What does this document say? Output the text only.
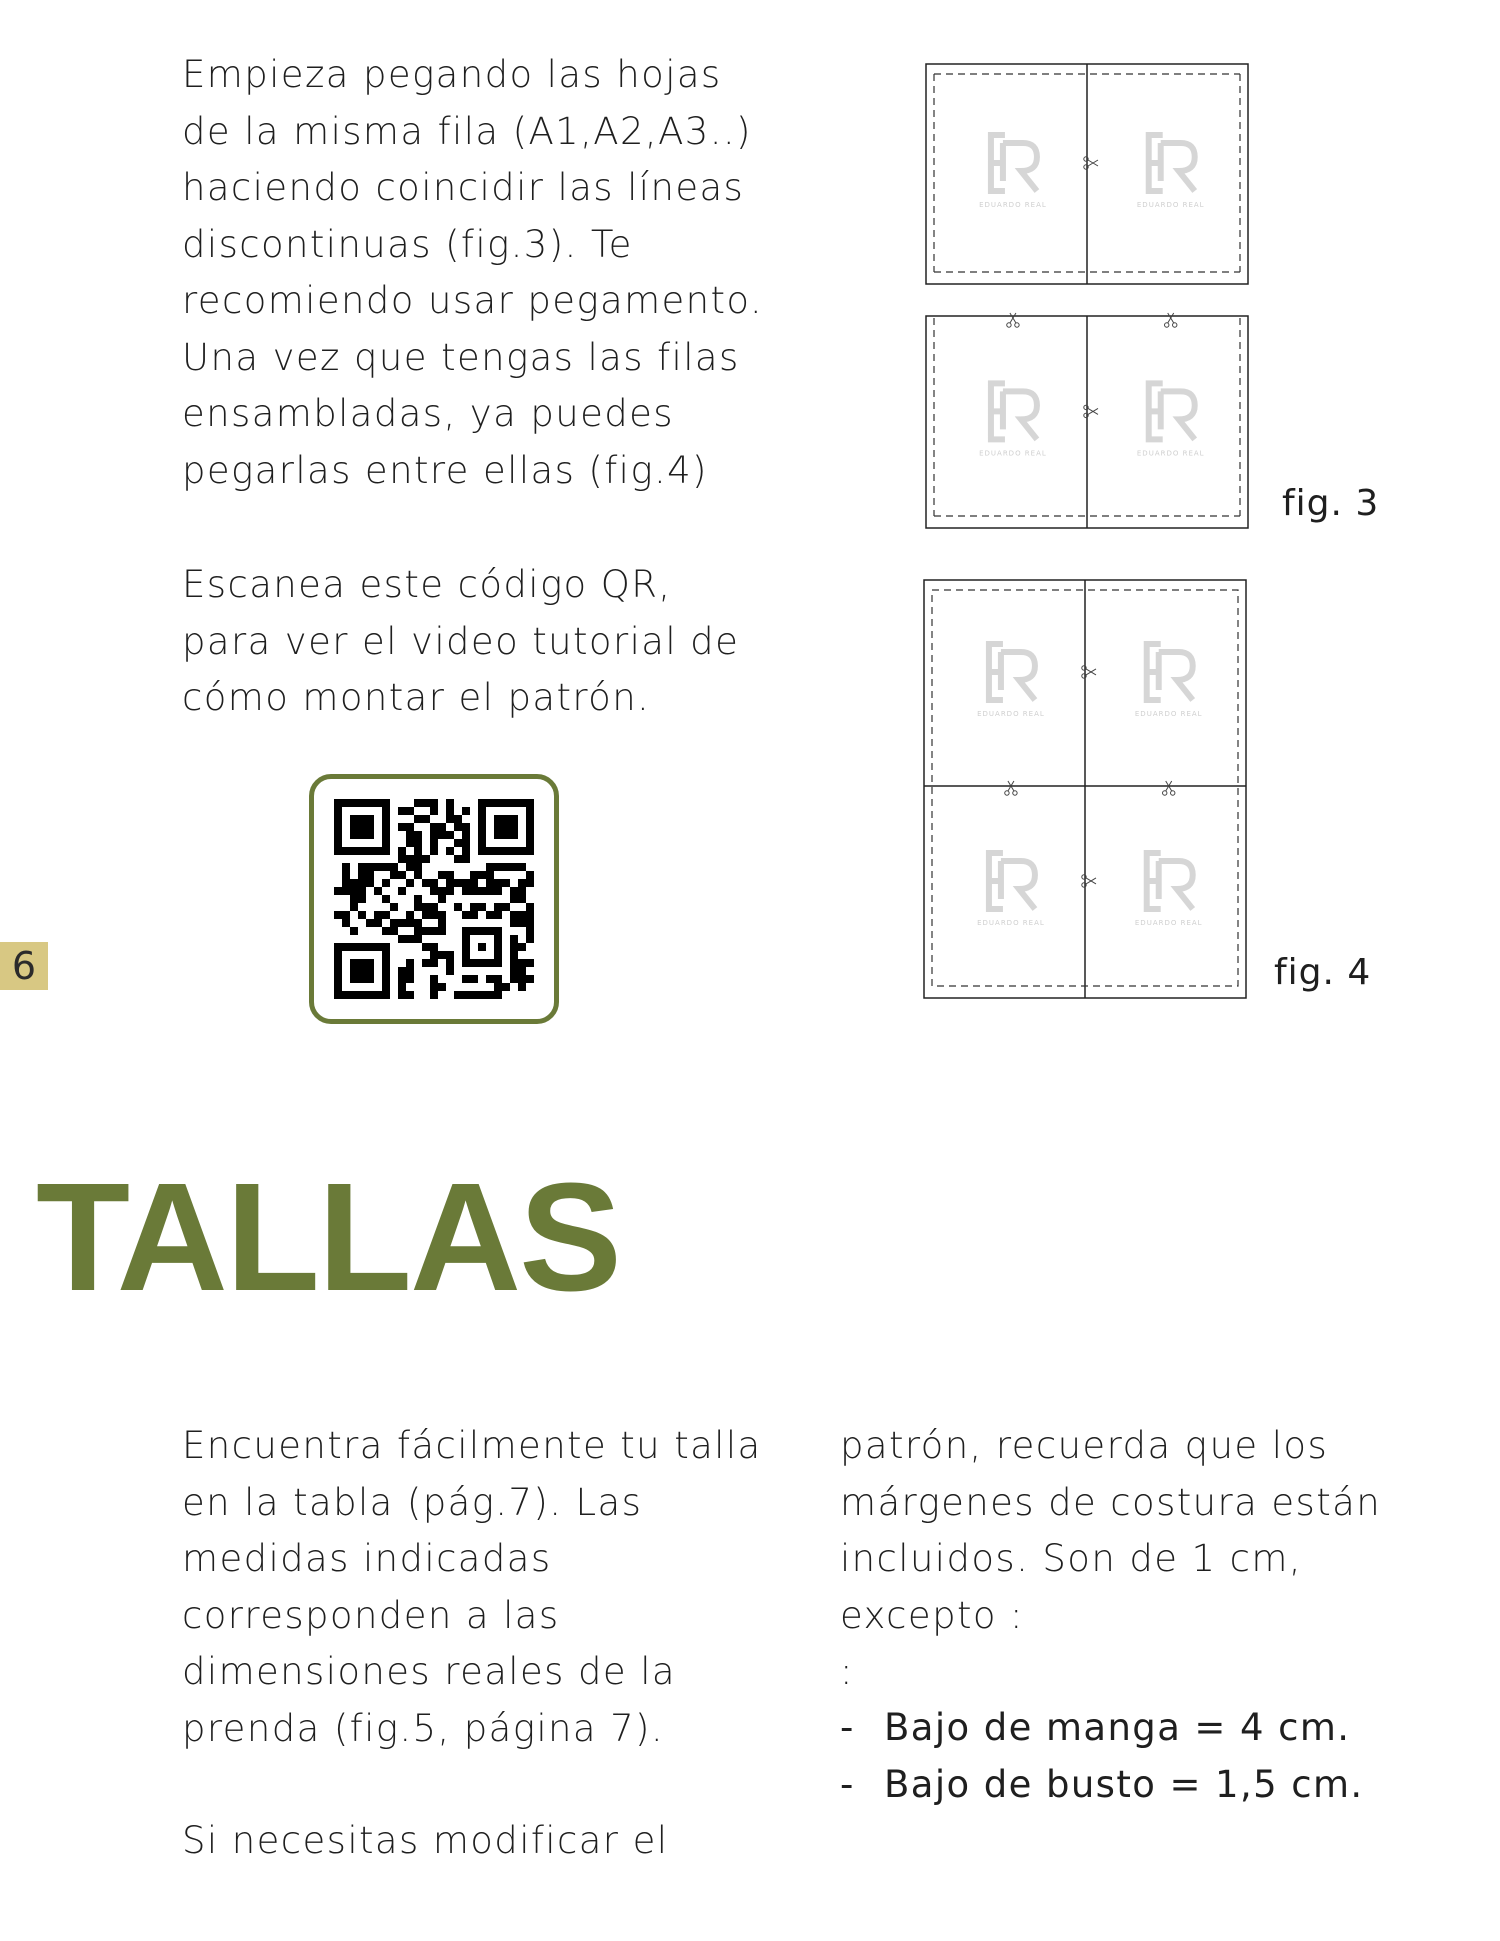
Empieza pegando las hojas
de la misma fila (A1,A2,A3..)
haciendo coincidir las líneas
discontinuas (fig.3). Te
recomiendo usar pegamento.
Una vez que tengas las filas
ensambladas, ya puedes
pegarlas entre ellas (fig.4)

Escanea este código QR,
para ver el video tutorial de
cómo montar el patrón.

EDUARDO REAL	EDUARDO REAL
EDUARDO REAL	EDUARDO REAL
EDUARDO REAL	EDUARDO REAL
EDUARDO REAL	EDUARDO REAL
fig. 3
fig. 4
6
TALLAS

Encuentra fácilmente tu talla
en la tabla (pág.7). Las
medidas indicadas
corresponden a las
dimensiones reales de la
prenda (fig.5, página 7).

Si necesitas modificar el

patrón, recuerda que los
márgenes de costura están
incluidos. Son de 1 cm,
excepto :
:

- Bajo de manga = 4 cm.
- Bajo de busto = 1,5 cm.
